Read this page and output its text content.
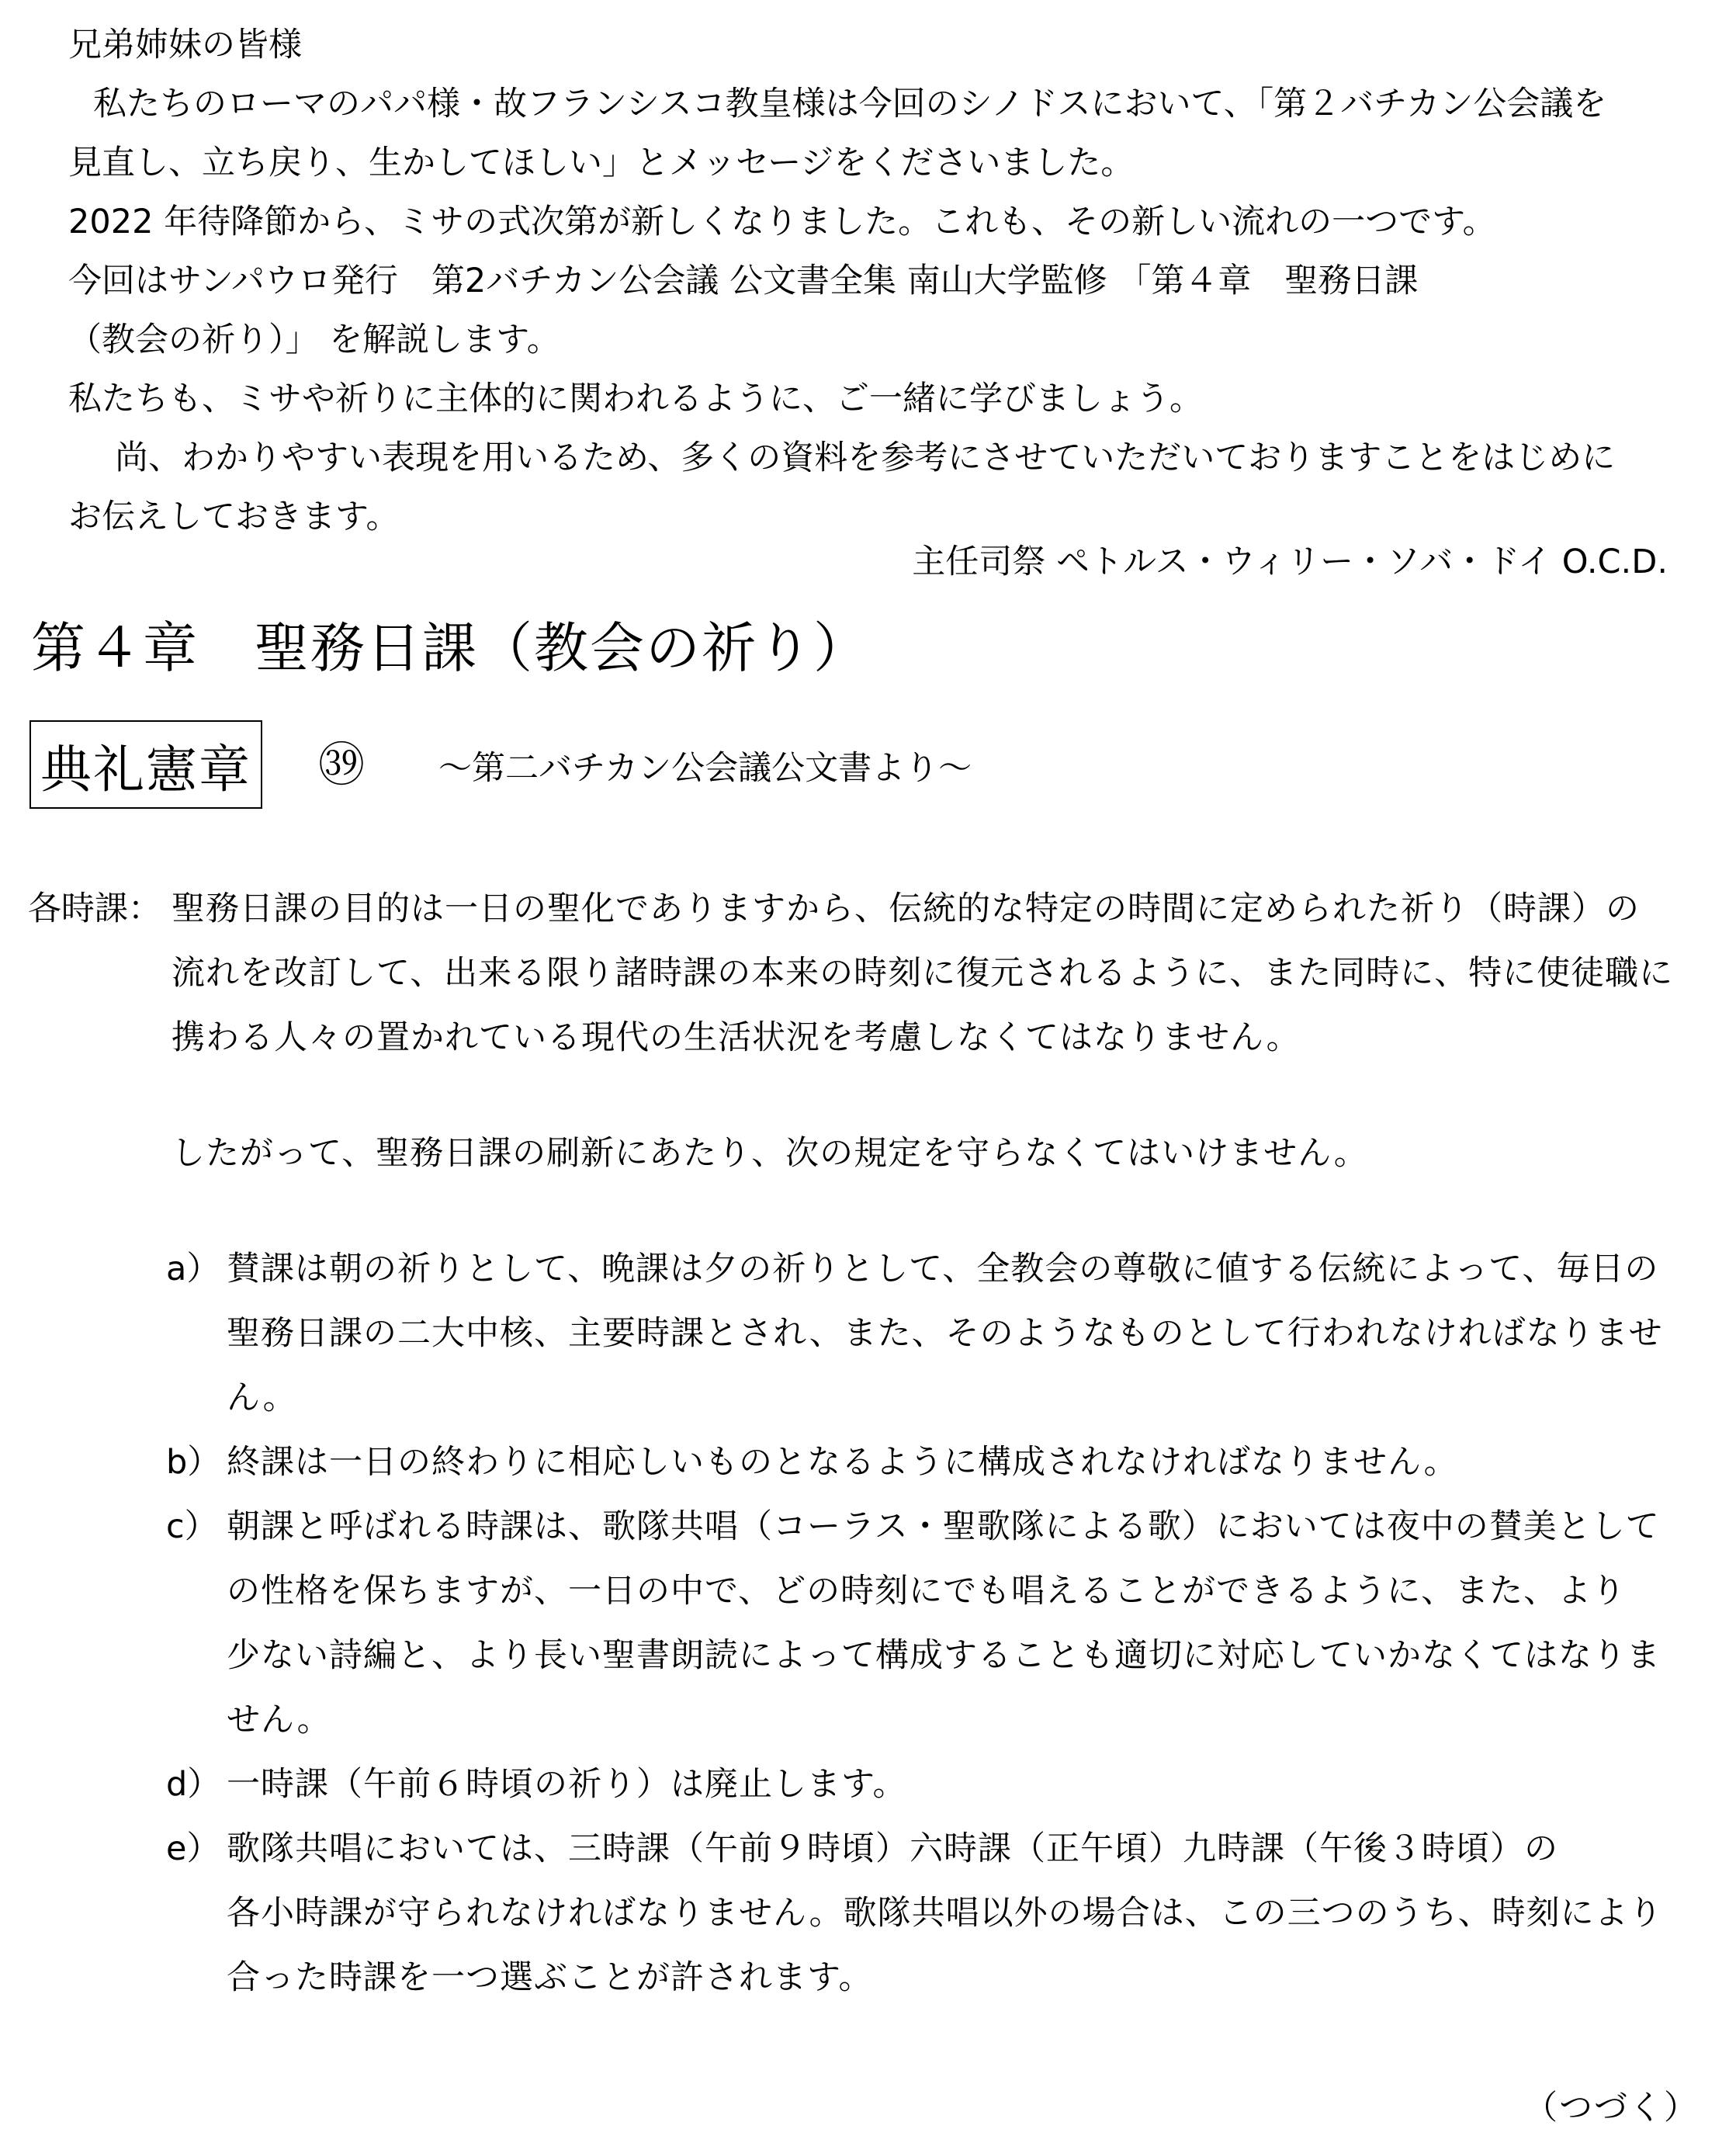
兄弟姉妹の皆様

私たちのローマのパパ様・故フランシスコ教皇様は今回のシノドスにおいて、「第２バチカン公会議を

見直し、立ち戻り、生かしてほしい」とメッセージをくださいました。

2022 年待降節から、ミサの式次第が新しくなりました。これも、その新しい流れの一つです。

今回はサンパウロ発行　第2バチカン公会議 公文書全集 南山大学監修 「第４章　聖務日課

（教会の祈り）」 を解説します。

私たちも、ミサや祈りに主体的に関われるように、ご一緒に学びましょう。

尚、わかりやすい表現を用いるため、多くの資料を参考にさせていただいておりますことをはじめに

お伝えしておきます。

主任司祭 ペトルス・ウィリー・ソバ・ドイ O.C.D.
第４章　聖務日課（教会の祈り）
典礼憲章 ㊴ ～第二バチカン公会議公文書より～
各時課： 聖務日課の目的は一日の聖化でありますから、伝統的な特定の時間に定められた祈り（時課）の

流れを改訂して、出来る限り諸時課の本来の時刻に復元されるように、また同時に、特に使徒職に

携わる人々の置かれている現代の生活状況を考慮しなくてはなりません。

したがって、聖務日課の刷新にあたり、次の規定を守らなくてはいけません。

a） 賛課は朝の祈りとして、晩課は夕の祈りとして、全教会の尊敬に値する伝統によって、毎日の

聖務日課の二大中核、主要時課とされ、また、そのようなものとして行われなければなりませ

ん。

b） 終課は一日の終わりに相応しいものとなるように構成されなければなりません。

c） 朝課と呼ばれる時課は、歌隊共唱（コーラス・聖歌隊による歌）においては夜中の賛美として

の性格を保ちますが、一日の中で、どの時刻にでも唱えることができるように、また、より

少ない詩編と、より長い聖書朗読によって構成することも適切に対応していかなくてはなりま

せん。

d） 一時課（午前６時頃の祈り）は廃止します。

e） 歌隊共唱においては、三時課（午前９時頃）六時課（正午頃）九時課（午後３時頃）の

各小時課が守られなければなりません。歌隊共唱以外の場合は、この三つのうち、時刻により

合った時課を一つ選ぶことが許されます。

（つづく）
